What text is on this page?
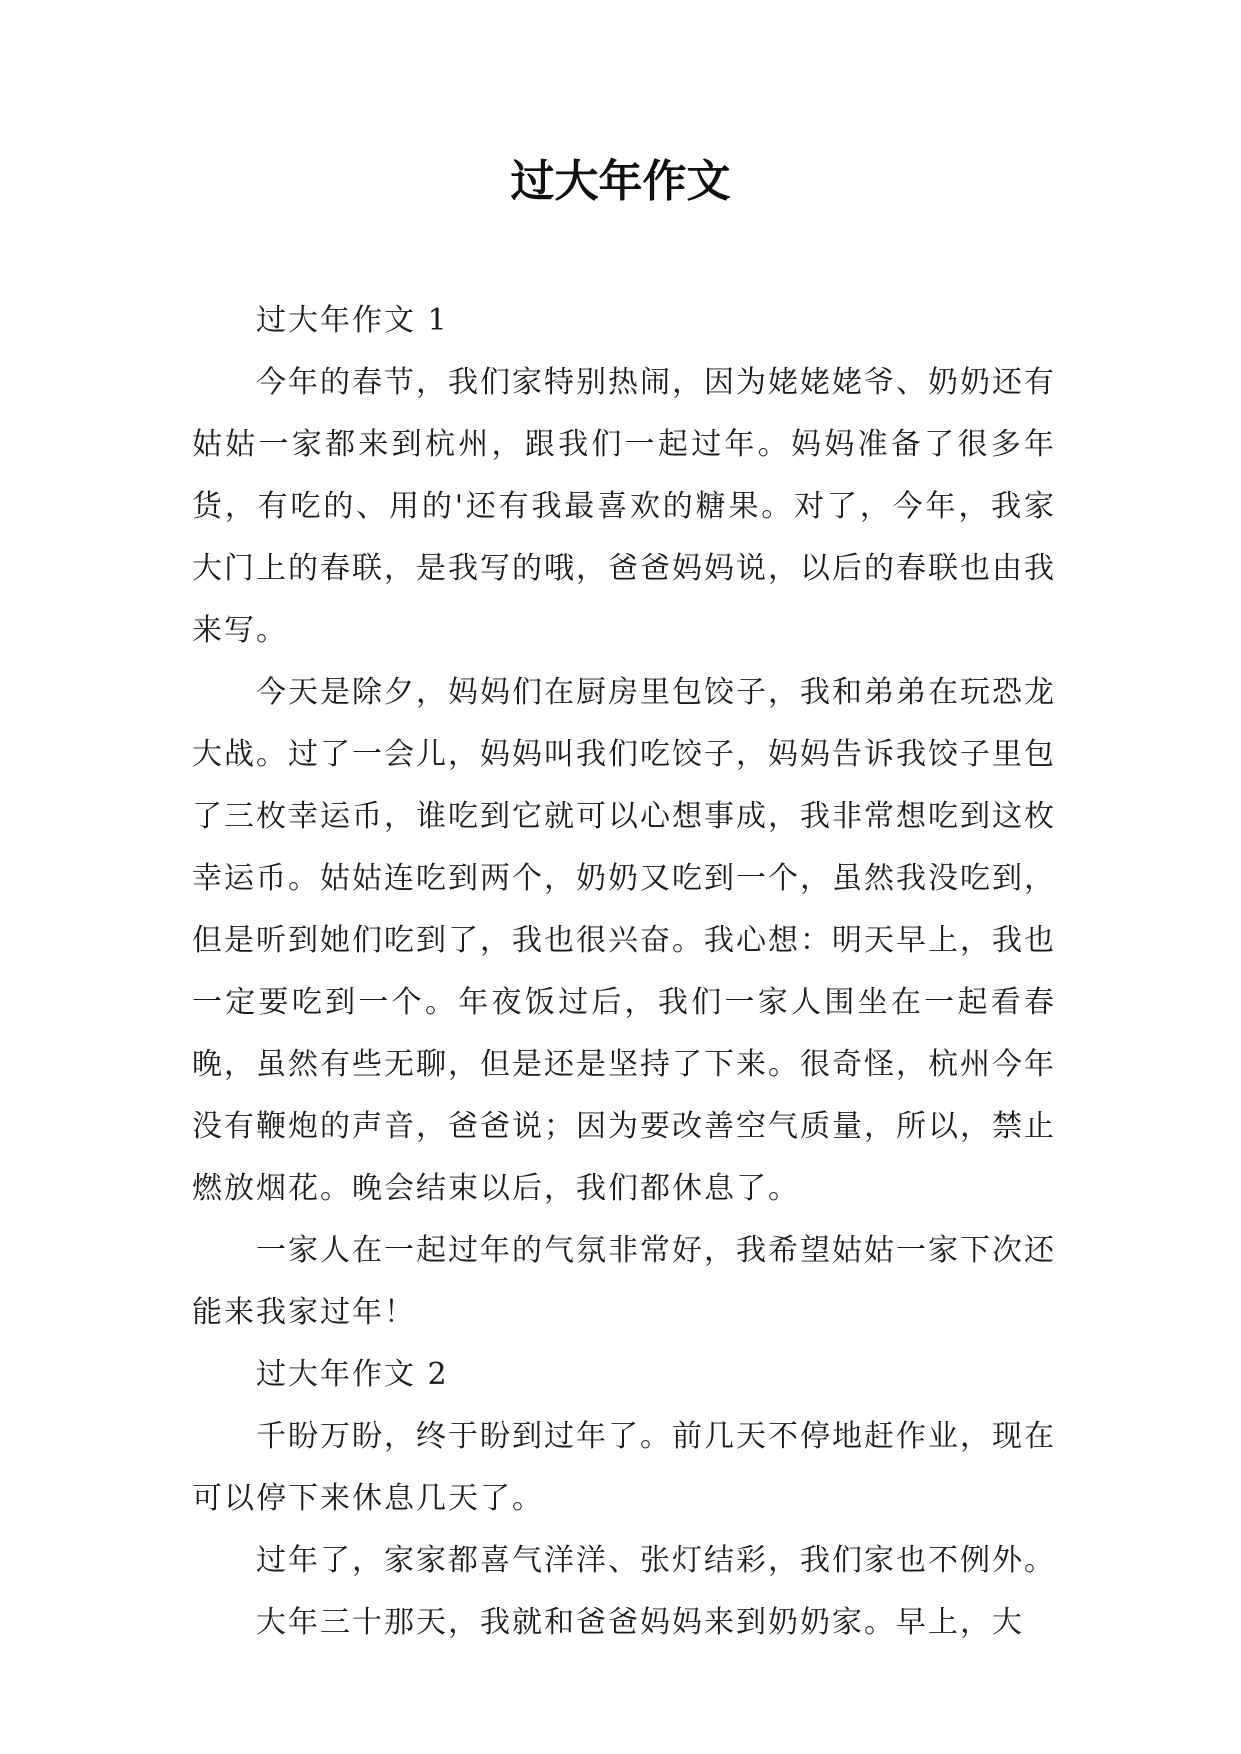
过大年作文

过大年作文 1

今年的春节，我们家特别热闹，因为姥姥姥爷、奶奶还有姑姑一家都来到杭州，跟我们一起过年。妈妈准备了很多年货，有吃的、用的'还有我最喜欢的糖果。对了，今年，我家大门上的春联，是我写的哦，爸爸妈妈说，以后的春联也由我来写。

今天是除夕，妈妈们在厨房里包饺子，我和弟弟在玩恐龙大战。过了一会儿，妈妈叫我们吃饺子，妈妈告诉我饺子里包了三枚幸运币，谁吃到它就可以心想事成，我非常想吃到这枚幸运币。姑姑连吃到两个，奶奶又吃到一个，虽然我没吃到，但是听到她们吃到了，我也很兴奋。我心想：明天早上，我也一定要吃到一个。年夜饭过后，我们一家人围坐在一起看春晚，虽然有些无聊，但是还是坚持了下来。很奇怪，杭州今年没有鞭炮的声音，爸爸说；因为要改善空气质量，所以，禁止燃放烟花。晚会结束以后，我们都休息了。

一家人在一起过年的气氛非常好，我希望姑姑一家下次还能来我家过年！

过大年作文 2

千盼万盼，终于盼到过年了。前几天不停地赶作业，现在可以停下来休息几天了。

过年了，家家都喜气洋洋、张灯结彩，我们家也不例外。

大年三十那天，我就和爸爸妈妈来到奶奶家。早上，大
